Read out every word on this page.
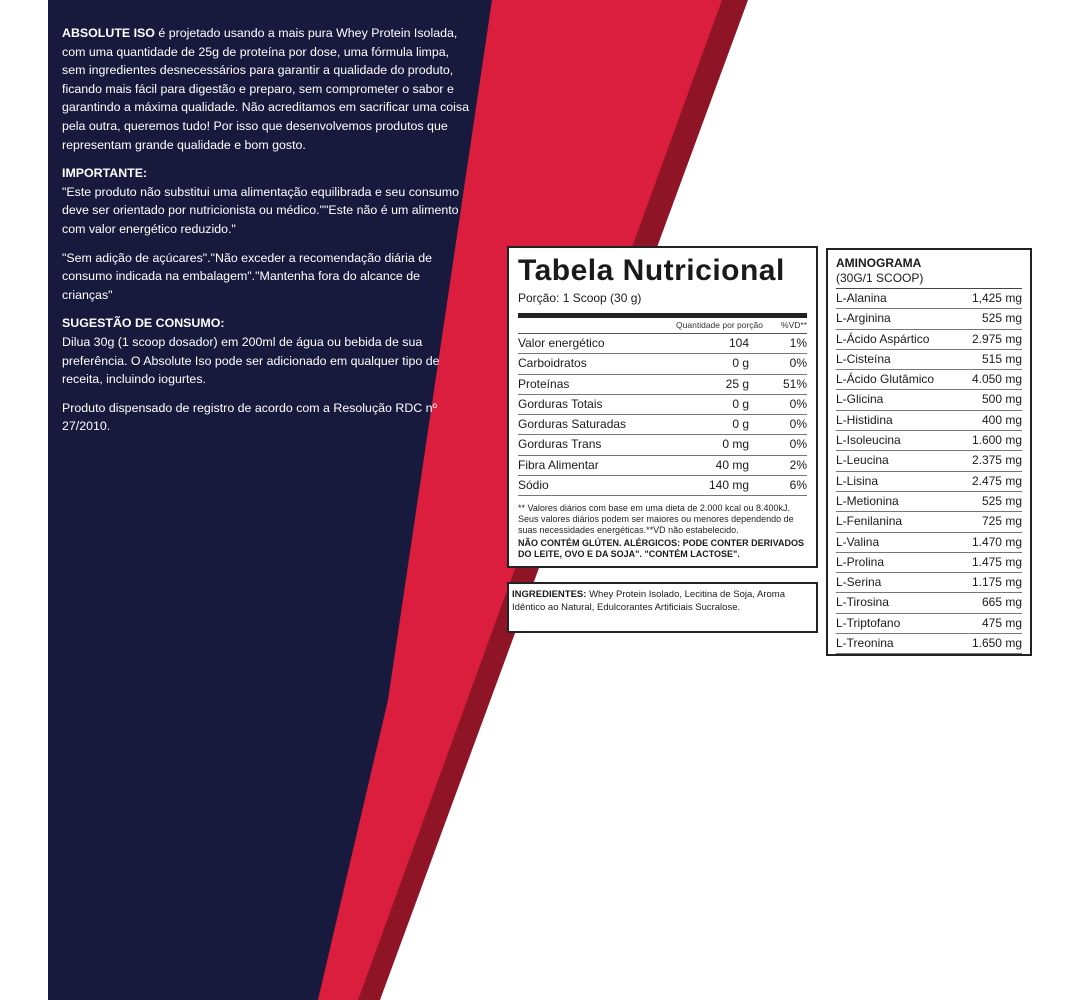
ABSOLUTE ISO é projetado usando a mais pura Whey Protein Isolada, com uma quantidade de 25g de proteína por dose, uma fórmula limpa, sem ingredientes desnecessários para garantir a qualidade do produto, ficando mais fácil para digestão e preparo, sem comprometer o sabor e garantindo a máxima qualidade. Não acreditamos em sacrificar uma coisa pela outra, queremos tudo! Por isso que desenvolvemos produtos que representam grande qualidade e bom gosto.

IMPORTANTE:

"Este produto não substitui uma alimentação equilibrada e seu consumo deve ser orientado por nutricionista ou médico.""Este não é um alimento com valor energético reduzido."

"Sem adição de açúcares"."Não exceder a recomendação diária de consumo indicada na embalagem"."Mantenha fora do alcance de crianças"

SUGESTÃO DE CONSUMO:

Dilua 30g (1 scoop dosador) em 200ml de água ou bebida de sua preferência. O Absolute Iso pode ser adicionado em qualquer tipo de receita, incluindo iogurtes.

Produto dispensado de registro de acordo com a Resolução RDC nº 27/2010.

Tabela Nutricional
Porção: 1 Scoop (30 g)
Quantidade por porção	%VD**
Valor energético	104	1%
Carboidratos	0 g	0%
Proteínas	25 g	51%
Gorduras Totais	0 g	0%
Gorduras Saturadas	0 g	0%
Gorduras Trans	0 mg	0%
Fibra Alimentar	40 mg	2%
Sódio	140 mg	6%
** Valores diários com base em uma dieta de 2.000 kcal ou 8.400kJ. Seus valores diários podem ser maiores ou menores dependendo de suas necessidades energéticas.**VD não estabelecido.
NÃO CONTÉM GLÚTEN. ALÉRGICOS: PODE CONTER DERIVADOS DO LEITE, OVO E DA SOJA". "CONTÉM LACTOSE".
INGREDIENTES: Whey Protein Isolado, Lecitina de Soja, Aroma Idêntico ao Natural, Edulcorantes Artificiais Sucralose.
AMINOGRAMA
(30G/1 SCOOP)
L-Alanina	1,425 mg
L-Arginina	525 mg
L-Ácido Aspártico	2.975 mg
L-Cisteína	515 mg
L-Ácido Glutâmico	4.050 mg
L-Glicina	500 mg
L-Histidina	400 mg
L-Isoleucina	1.600 mg
L-Leucina	2.375 mg
L-Lisina	2.475 mg
L-Metionina	525 mg
L-Fenilanina	725 mg
L-Valina	1.470 mg
L-Prolina	1.475 mg
L-Serina	1.175 mg
L-Tirosina	665 mg
L-Triptofano	475 mg
L-Treonina	1.650 mg
